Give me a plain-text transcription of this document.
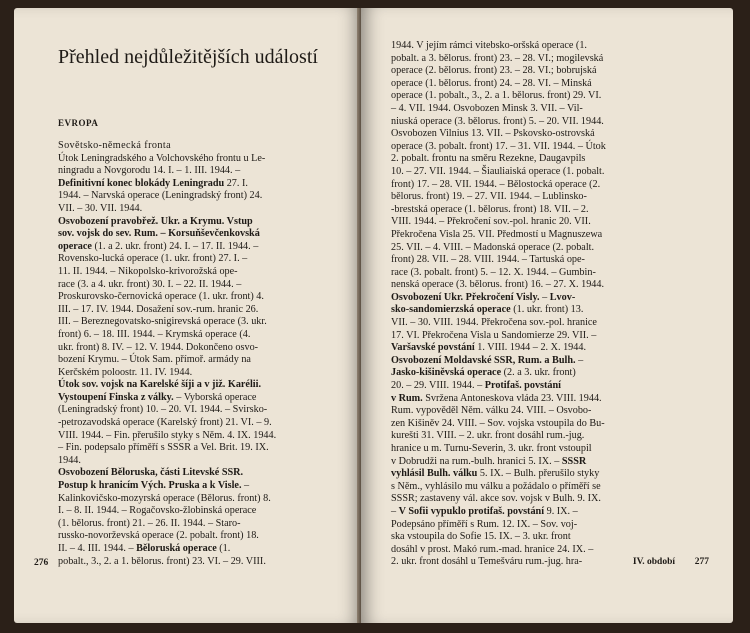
Přehled nejdůležitějších událostí
EVROPA

Sovětsko-německá fronta

Útok Leningradského a Volchovského frontu u Le-

ningradu a Novgorodu 14. I. – 1. III. 1944. –

Definitivní konec blokády Leningradu 27. I.

1944. – Narvská operace (Leningradský front) 24.

VII. – 30. VII. 1944.

Osvobození pravobřež. Ukr. a Krymu. Vstup

sov. vojsk do sev. Rum. – Korsuňševčenkovská

operace (1. a 2. ukr. front) 24. I. – 17. II. 1944. –

Rovensko-lucká operace (1. ukr. front) 27. I. –

11. II. 1944. – Nikopolsko-krivorožská ope-

race (3. a 4. ukr. front) 30. I. – 22. II. 1944. –

Proskurovsko-černovická operace (1. ukr. front) 4.

III. – 17. IV. 1944. Dosažení sov.-rum. hranic 26.

III. – Bereznegovatsko-snigirevská operace (3. ukr.

front) 6. – 18. III. 1944. – Krymská operace (4.

ukr. front) 8. IV. – 12. V. 1944. Dokončeno osvo-

bození Krymu. – Útok Sam. přímoř. armády na

Kerčském poloostr. 11. IV. 1944.

Útok sov. vojsk na Karelské šíji a v již. Karélii.

Vystoupení Finska z války. – Vyborská operace

(Leningradský front) 10. – 20. VI. 1944. – Svirsko-

-petrozavodská operace (Karelský front) 21. VI. – 9.

VIII. 1944. – Fin. přerušilo styky s Něm. 4. IX. 1944.

– Fin. podepsalo příměří s SSSR a Vel. Brit. 19. IX.

1944.

Osvobození Běloruska, části Litevské SSR.

Postup k hranicím Vých. Pruska a k Visle. –

Kalinkovičsko-mozyrská operace (Bělorus. front) 8.

I. – 8. II. 1944. – Rogačovsko-žlobinská operace

(1. bělorus. front) 21. – 26. II. 1944. – Staro-

russko-novorževská operace (2. pobalt. front) 18.

II. – 4. III. 1944. – Běloruská operace (1.

pobalt., 3., 2. a 1. bělorus. front) 23. VI. – 29. VIII.

276

1944. V jejím rámci vitebsko-oršská operace (1.

pobalt. a 3. bělorus. front) 23. – 28. VI.; mogilevská

operace (2. bělorus. front) 23. – 28. VI.; bobrujská

operace (1. bělorus. front) 24. – 28. VI. – Minská

operace (1. pobalt., 3., 2. a 1. bělorus. front) 29. VI.

– 4. VII. 1944. Osvobozen Minsk 3. VII. – Vil-

niuská operace (3. bělorus. front) 5. – 20. VII. 1944.

Osvobozen Vilnius 13. VII. – Pskovsko-ostrovská

operace (3. pobalt. front) 17. – 31. VII. 1944. – Útok

2. pobalt. frontu na směru Rezekne, Daugavpils

10. – 27. VII. 1944. – Šiauliaiská operace (1. pobalt.

front) 17. – 28. VII. 1944. – Bělostocká operace (2.

bělorus. front) 19. – 27. VII. 1944. – Lublinsko-

-brestská operace (1. bělorus. front) 18. VII. – 2.

VIII. 1944. – Překročení sov.-pol. hranic 20. VII.

Překročena Visla 25. VII. Předmostí u Magnuszewa

25. VII. – 4. VIII. – Madonská operace (2. pobalt.

front) 28. VII. – 28. VIII. 1944. – Tartuská ope-

race (3. pobalt. front) 5. – 12. X. 1944. – Gumbin-

nenská operace (3. bělorus. front) 16. – 27. X. 1944.

Osvobození Ukr. Překročení Visly. – Lvov-

sko-sandomierzská operace (1. ukr. front) 13.

VII. – 30. VIII. 1944. Překročena sov.-pol. hranice

17. VI. Překročena Visla u Sandomierze 29. VII. –

Varšavské povstání 1. VIII. 1944 – 2. X. 1944.

Osvobození Moldavské SSR, Rum. a Bulh. –

Jasko-kišiněvská operace (2. a 3. ukr. front)

20. – 29. VIII. 1944. – Protifaš. povstání

v Rum. Svržena Antoneskova vláda 23. VIII. 1944.

Rum. vypověděl Něm. válku 24. VIII. – Osvobo-

zen Kišiněv 24. VIII. – Sov. vojska vstoupila do Bu-

kurešti 31. VIII. – 2. ukr. front dosáhl rum.-jug.

hranice u m. Turnu-Severin, 3. ukr. front vstoupil

v Dobrudži na rum.-bulh. hranici 5. IX. – SSSR

vyhlásil Bulh. válku 5. IX. – Bulh. přerušilo styky

s Něm., vyhlásilo mu válku a požádalo o příměří se

SSSR; zastaveny vál. akce sov. vojsk v Bulh. 9. IX.

– V Sofii vypuklo protifaš. povstání 9. IX. –

Podepsáno příměří s Rum. 12. IX. – Sov. voj-

ska vstoupila do Sofie 15. IX. – 3. ukr. front

dosáhl v prost. Makó rum.-mad. hranice 24. IX. –

2. ukr. front dosáhl u Temešváru rum.-jug. hra-	IV. období 277
